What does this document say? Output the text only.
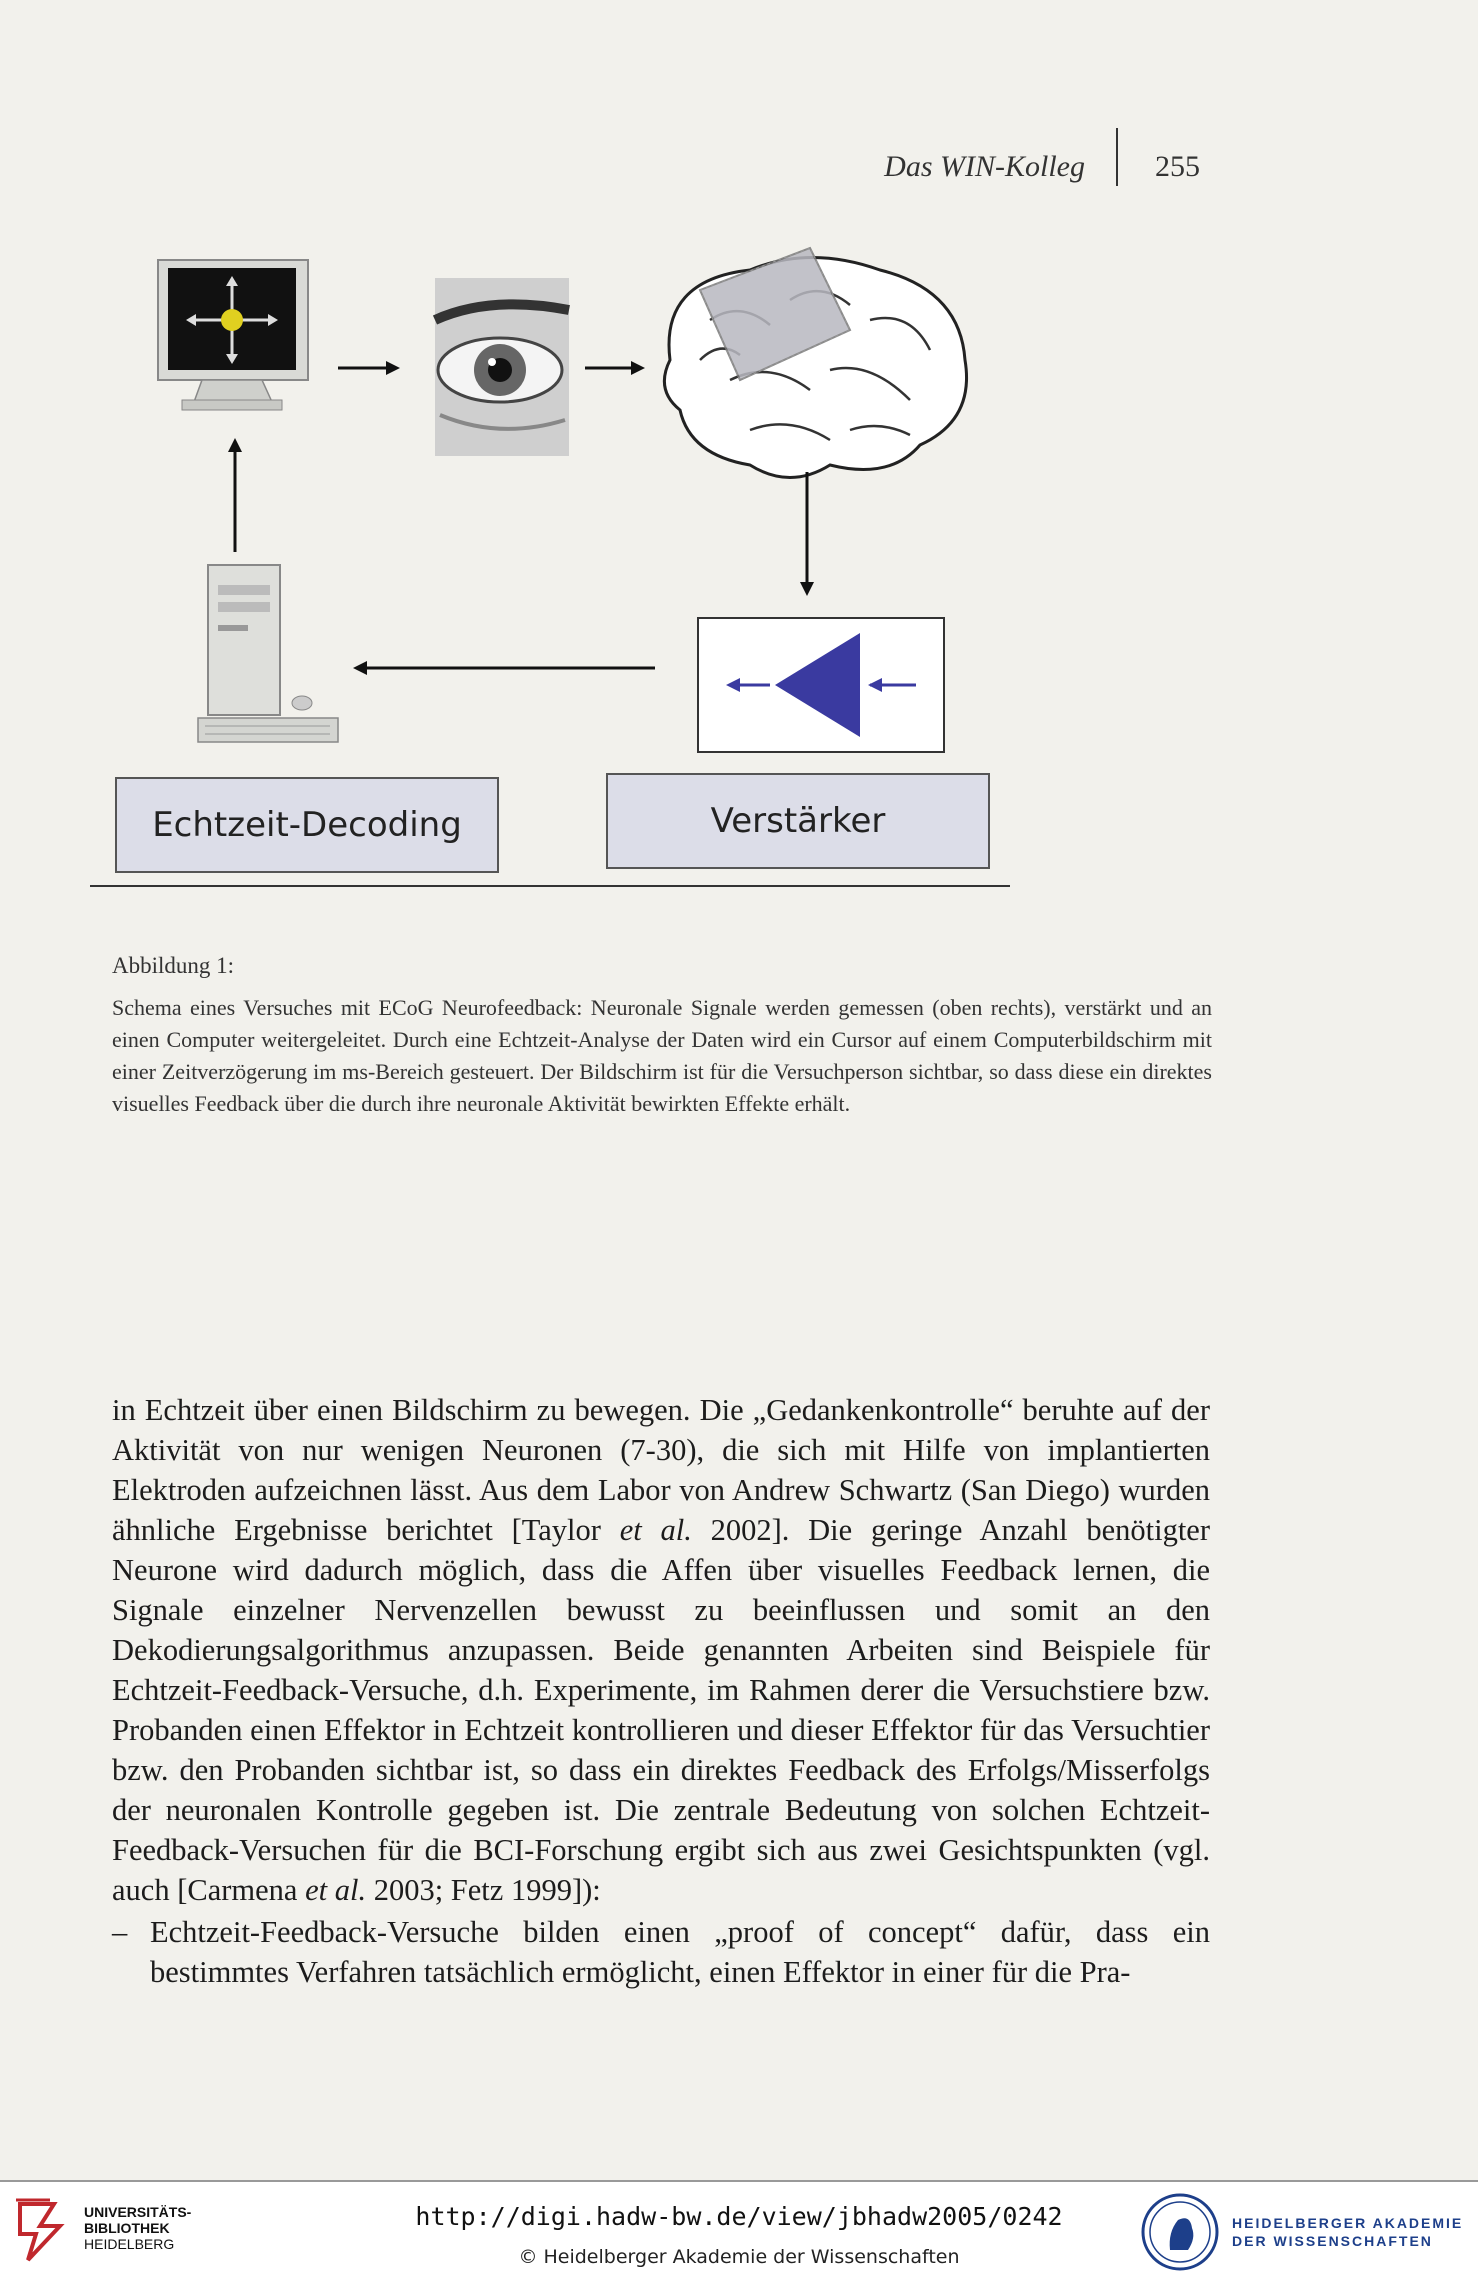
Das WIN-Kolleg 255
Echtzeit-Decoding	Verstärker
Abbildung 1:
Schema eines Versuches mit ECoG Neurofeedback: Neuronale Signale werden gemessen (oben rechts), verstärkt und an einen Computer weitergeleitet. Durch eine Echtzeit-Analyse der Daten wird ein Cursor auf einem Computerbildschirm mit einer Zeitverzögerung im ms-Bereich gesteuert. Der Bildschirm ist für die Versuchperson sichtbar, so dass diese ein direktes visuelles Feedback über die durch ihre neuronale Aktivität bewirkten Effekte erhält.

in Echtzeit über einen Bildschirm zu bewegen. Die „Gedankenkontrolle“ beruhte auf der Aktivität von nur wenigen Neuronen (7-30), die sich mit Hilfe von implantierten Elektroden aufzeichnen lässt. Aus dem Labor von Andrew Schwartz (San Diego) wurden ähnliche Ergebnisse berichtet [Taylor et al. 2002]. Die geringe Anzahl benötigter Neurone wird dadurch möglich, dass die Affen über visuelles Feedback lernen, die Signale einzelner Nervenzellen bewusst zu beeinflussen und somit an den Dekodierungsalgorithmus anzupassen. Beide genannten Arbeiten sind Beispiele für Echtzeit-Feedback-Versuche, d.h. Experimente, im Rahmen derer die Versuchstiere bzw. Probanden einen Effektor in Echtzeit kontrollieren und dieser Effektor für das Versuchtier bzw. den Probanden sichtbar ist, so dass ein direktes Feedback des Erfolgs/Misserfolgs der neuronalen Kontrolle gegeben ist. Die zentrale Bedeutung von solchen Echtzeit-Feedback-Versuchen für die BCI-Forschung ergibt sich aus zwei Gesichtspunkten (vgl. auch [Carmena et al. 2003; Fetz 1999]):

– Echtzeit-Feedback-Versuche bilden einen „proof of concept“ dafür, dass ein bestimmtes Verfahren tatsächlich ermöglicht, einen Effektor in einer für die Pra-
UNIVERSITÄTS-
BIBLIOTHEK
HEIDELBERG
http://digi.hadw-bw.de/view/jbhadw2005/0242
© Heidelberger Akademie der Wissenschaften
HEIDELBERGER AKADEMIE
DER WISSENSCHAFTEN
